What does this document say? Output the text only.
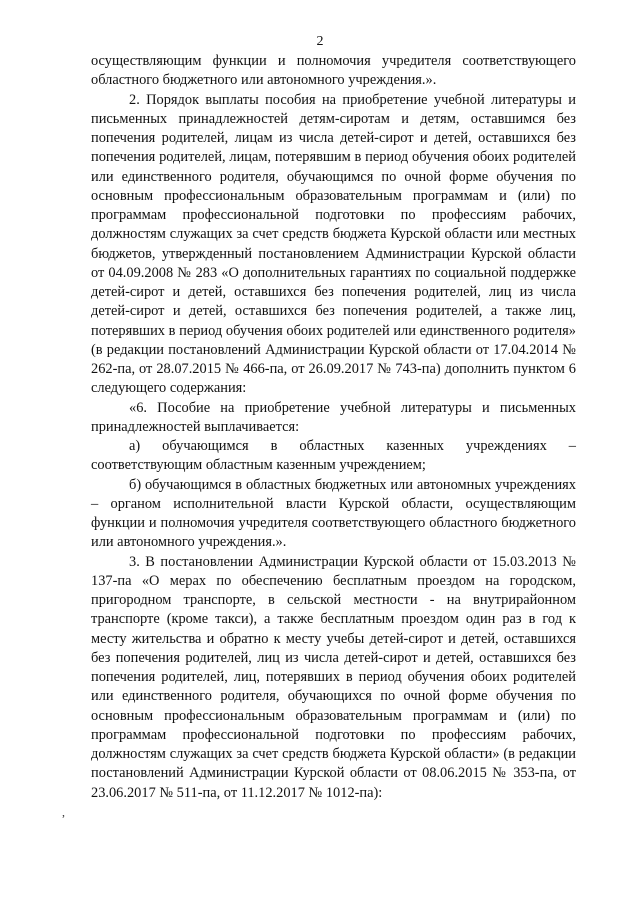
2

осуществляющим функции и полномочия учредителя соответствующего областного бюджетного или автономного учреждения.».

2. Порядок выплаты пособия на приобретение учебной литературы и письменных принадлежностей детям-сиротам и детям, оставшимся без попечения родителей, лицам из числа детей-сирот и детей, оставшихся без попечения родителей, лицам, потерявшим в период обучения обоих родителей или единственного родителя, обучающимся по очной форме обучения по основным профессиональным образовательным программам и (или) по программам профессиональной подготовки по профессиям рабочих, должностям служащих за счет средств бюджета Курской области или местных бюджетов, утвержденный постановлением Администрации Курской области от 04.09.2008 № 283 «О дополнительных гарантиях по социальной поддержке детей-сирот и детей, оставшихся без попечения родителей, лиц из числа детей-сирот и детей, оставшихся без попечения родителей, а также лиц, потерявших в период обучения обоих родителей или единственного родителя» (в редакции постановлений Администрации Курской области от 17.04.2014 № 262-па, от 28.07.2015 № 466-па, от 26.09.2017 № 743-па) дополнить пунктом 6 следующего содержания:

«6. Пособие на приобретение учебной литературы и письменных принадлежностей выплачивается:

а) обучающимся в областных казенных учреждениях – соответствующим областным казенным учреждением;

б) обучающимся в областных бюджетных или автономных учреждениях – органом исполнительной власти Курской области, осуществляющим функции и полномочия учредителя соответствующего областного бюджетного или автономного учреждения.».

3. В постановлении Администрации Курской области от 15.03.2013 № 137-па «О мерах по обеспечению бесплатным проездом на городском, пригородном транспорте, в сельской местности - на внутрирайонном транспорте (кроме такси), а также бесплатным проездом один раз в год к месту жительства и обратно к месту учебы детей-сирот и детей, оставшихся без попечения родителей, лиц из числа детей-сирот и детей, оставшихся без попечения родителей, лиц, потерявших в период обучения обоих родителей или единственного родителя, обучающихся по очной форме обучения по основным профессиональным образовательным программам и (или) по программам профессиональной подготовки по профессиям рабочих, должностям служащих за счет средств бюджета Курской области» (в редакции постановлений Администрации Курской области от 08.06.2015 № 353-па, от 23.06.2017 № 511-па, от 11.12.2017 № 1012-па):

,
